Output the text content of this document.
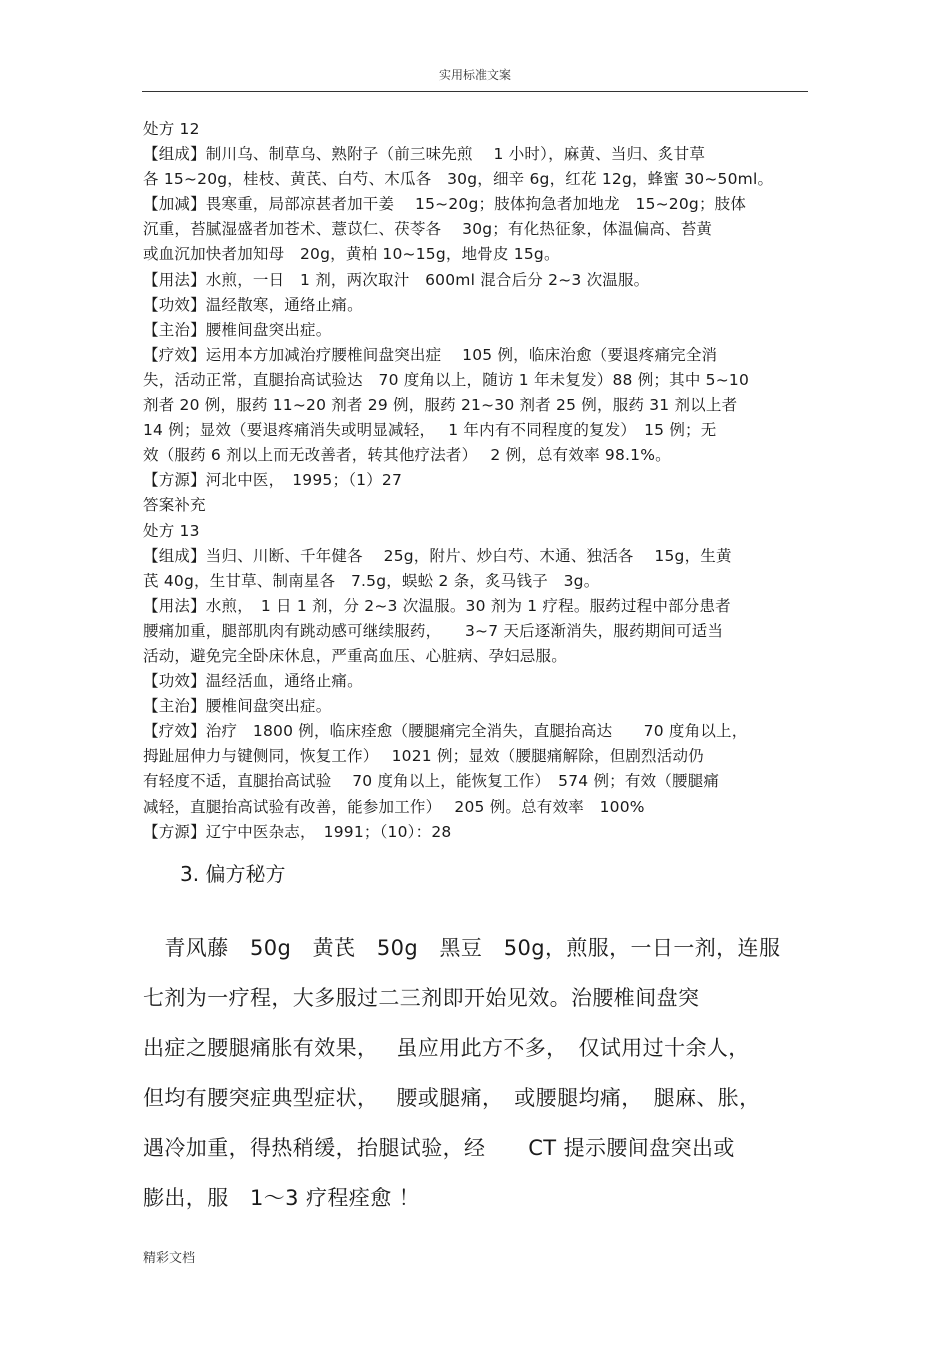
实用标准文案
处方 12
【组成】制川乌、制草乌、熟附子（前三味先煎　 1 小时），麻黄、当归、炙甘草
各 15~20g，桂枝、黄芪、白芍、木瓜各　30g，细辛 6g，红花 12g，蜂蜜 30~50ml。
【加减】畏寒重，局部凉甚者加干姜　 15~20g；肢体拘急者加地龙　15~20g；肢体
沉重，苔腻湿盛者加苍术、薏苡仁、茯苓各　 30g；有化热征象，体温偏高、苔黄
或血沉加快者加知母　20g，黄柏 10~15g，地骨皮 15g。
【用法】水煎，一日　1 剂，两次取汁　600ml 混合后分 2~3 次温服。
【功效】温经散寒，通络止痛。
【主治】腰椎间盘突出症。
【疗效】运用本方加减治疗腰椎间盘突出症　 105 例，临床治愈（要退疼痛完全消
失，活动正常，直腿抬高试验达　70 度角以上，随访 1 年未复发）88 例；其中 5~10
剂者 20 例，服药 11~20 剂者 29 例，服药 21~30 剂者 25 例，服药 31 剂以上者
14 例；显效（要退疼痛消失或明显减轻，　 1 年内有不同程度的复发）　15 例；无
效（服药 6 剂以上而无改善者，转其他疗法者）　 2 例，总有效率 98.1%。
【方源】河北中医，　1995；（1）27
答案补充
处方 13
【组成】当归、川断、千年健各　 25g，附片、炒白芍、木通、独活各　 15g，生黄
芪 40g，生甘草、制南星各　7.5g，蜈蚣 2 条，炙马钱子　3g。
【用法】水煎，　1 日 1 剂，分 2~3 次温服。30 剂为 1 疗程。服药过程中部分患者
腰痛加重，腿部肌肉有跳动感可继续服药，　　3~7 天后逐渐消失，服药期间可适当
活动，避免完全卧床休息，严重高血压、心脏病、孕妇忌服。
【功效】温经活血，通络止痛。
【主治】腰椎间盘突出症。
【疗效】治疗　1800 例，临床痊愈（腰腿痛完全消失，直腿抬高达　　70 度角以上，
拇趾屈伸力与键侧同，恢复工作）　 1021 例；显效（腰腿痛解除，但剧烈活动仍
有轻度不适，直腿抬高试验　 70 度角以上，能恢复工作）　574 例；有效（腰腿痛
减轻，直腿抬高试验有改善，能参加工作）　 205 例。总有效率　100%
【方源】辽宁中医杂志，　1991；（10）：28
3. 偏方秘方
　青风藤　50g　黄芪　50g　黑豆　50g，煎服，一日一剂，连服
七剂为一疗程，大多服过二三剂即开始见效。治腰椎间盘突
出症之腰腿痛胀有效果，　 虽应用此方不多，　仅试用过十余人，
但均有腰突症典型症状，　 腰或腿痛，　或腰腿均痛，　腿麻、胀，
遇冷加重，得热稍缓，抬腿试验，经　　CT 提示腰间盘突出或
膨出，服　1～3 疗程痊愈 ！
精彩文档
